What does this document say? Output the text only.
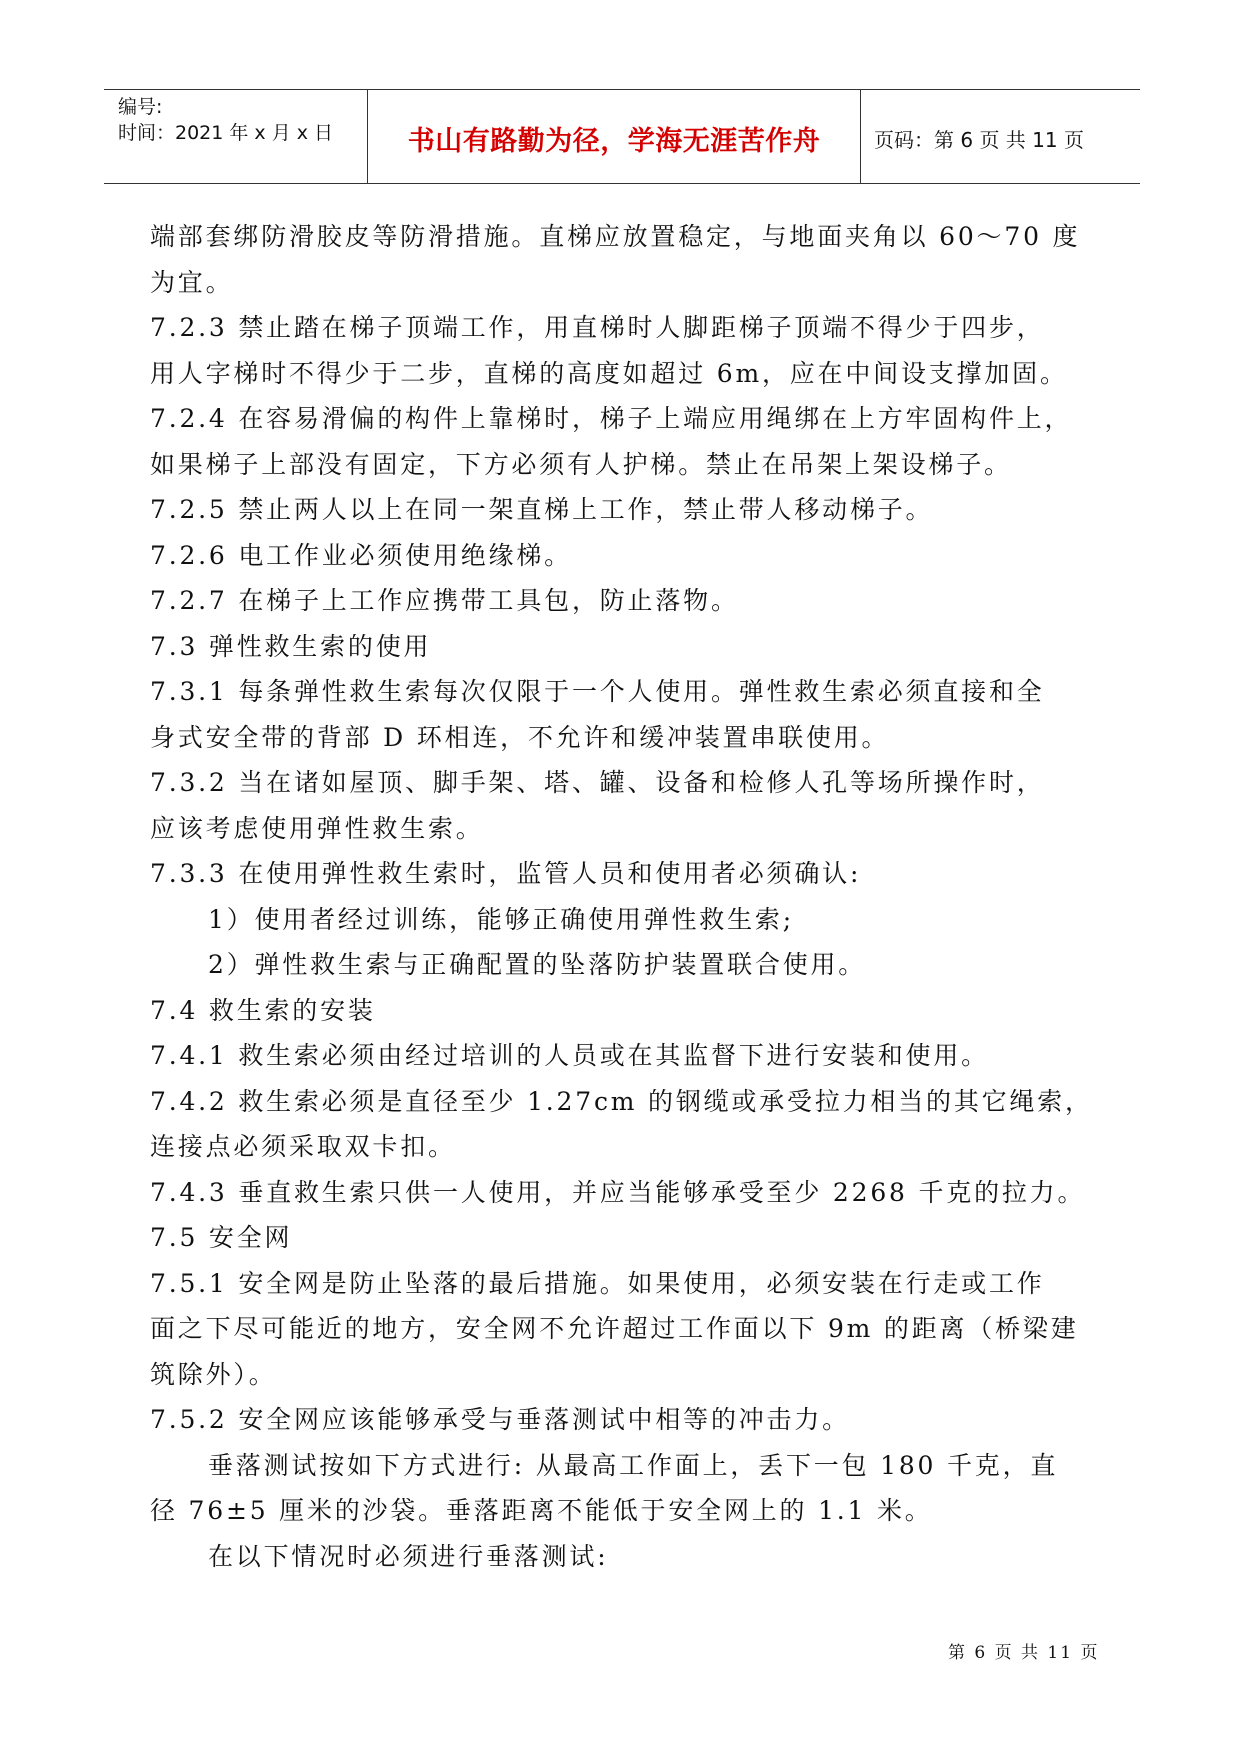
编号:
时间：2021 年 x 月 x 日	书山有路勤为径，学海无涯苦作舟	页码：第 6 页 共 11 页
端部套绑防滑胶皮等防滑措施。直梯应放置稳定，与地面夹角以 60～70 度
为宜。
7.2.3 禁止踏在梯子顶端工作，用直梯时人脚距梯子顶端不得少于四步，
用人字梯时不得少于二步，直梯的高度如超过 6m，应在中间设支撑加固。
7.2.4 在容易滑偏的构件上靠梯时，梯子上端应用绳绑在上方牢固构件上，
如果梯子上部没有固定，下方必须有人护梯。禁止在吊架上架设梯子。
7.2.5 禁止两人以上在同一架直梯上工作，禁止带人移动梯子。
7.2.6 电工作业必须使用绝缘梯。
7.2.7 在梯子上工作应携带工具包，防止落物。
7.3 弹性救生索的使用
7.3.1 每条弹性救生索每次仅限于一个人使用。弹性救生索必须直接和全
身式安全带的背部 D 环相连，不允许和缓冲装置串联使用。
7.3.2 当在诸如屋顶、脚手架、塔、罐、设备和检修人孔等场所操作时，
应该考虑使用弹性救生索。
7.3.3 在使用弹性救生索时，监管人员和使用者必须确认:
1）使用者经过训练，能够正确使用弹性救生索;
2）弹性救生索与正确配置的坠落防护装置联合使用。
7.4 救生索的安装
7.4.1 救生索必须由经过培训的人员或在其监督下进行安装和使用。
7.4.2 救生索必须是直径至少 1.27cm 的钢缆或承受拉力相当的其它绳索，
连接点必须采取双卡扣。
7.4.3 垂直救生索只供一人使用，并应当能够承受至少 2268 千克的拉力。
7.5 安全网
7.5.1 安全网是防止坠落的最后措施。如果使用，必须安装在行走或工作
面之下尽可能近的地方，安全网不允许超过工作面以下 9m 的距离（桥梁建
筑除外）。
7.5.2 安全网应该能够承受与垂落测试中相等的冲击力。
垂落测试按如下方式进行: 从最高工作面上，丢下一包 180 千克，直
径 76±5 厘米的沙袋。垂落距离不能低于安全网上的 1.1 米。
在以下情况时必须进行垂落测试:
第 6 页 共 11 页
